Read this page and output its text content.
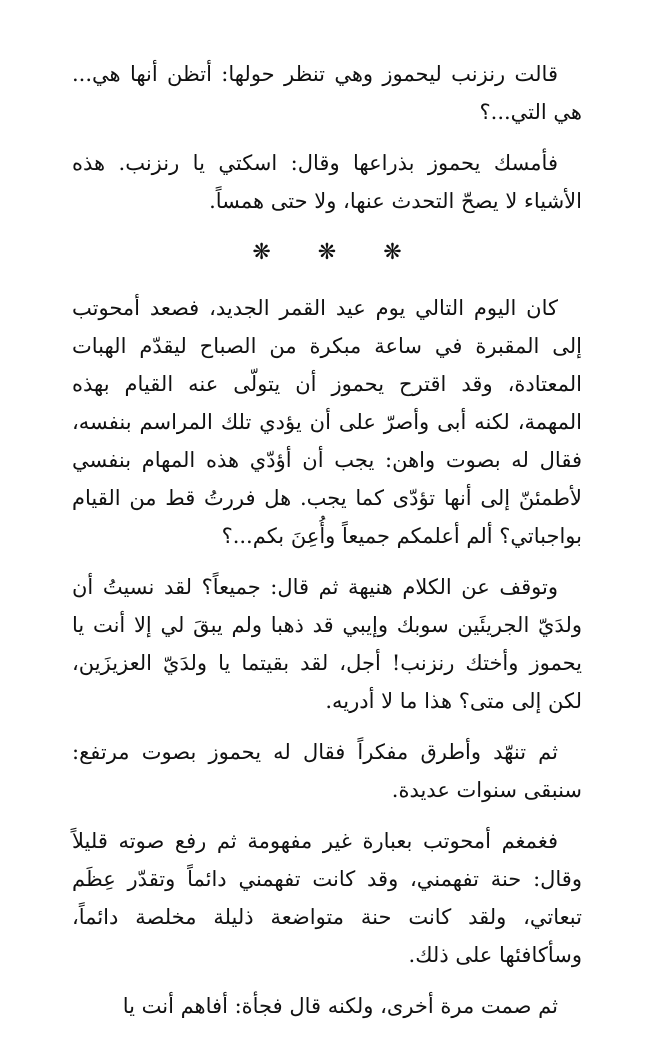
قالت رنزنب ليحموز وهي تنظر حولها: أتظن أنها هي... هي التي...؟

فأمسك يحموز بذراعها وقال: اسكتي يا رنزنب. هذه الأشياء لا يصحّ التحدث عنها، ولا حتى همساً.

❋ ❋ ❋

كان اليوم التالي يوم عيد القمر الجديد، فصعد أمحوتب إلى المقبرة في ساعة مبكرة من الصباح ليقدّم الهبات المعتادة، وقد اقترح يحموز أن يتولّى عنه القيام بهذه المهمة، لكنه أبى وأصرّ على أن يؤدي تلك المراسم بنفسه، فقال له بصوت واهن: يجب أن أؤدّي هذه المهام بنفسي لأطمئنّ إلى أنها تؤدّى كما يجب. هل فررتُ قط من القيام بواجباتي؟ ألم أعلمكم جميعاً وأُعِنَ بكم...؟

وتوقف عن الكلام هنيهة ثم قال: جميعاً؟ لقد نسيتُ أن ولدَيّ الجريئَين سوبك وإيبي قد ذهبا ولم يبقَ لي إلا أنت يا يحموز وأختك رنزنب! أجل، لقد بقيتما يا ولدَيّ العزيزَين، لكن إلى متى؟ هذا ما لا أدريه.

ثم تنهّد وأطرق مفكراً فقال له يحموز بصوت مرتفع: سنبقى سنوات عديدة.

فغمغم أمحوتب بعبارة غير مفهومة ثم رفع صوته قليلاً وقال: حنة تفهمني، وقد كانت تفهمني دائماً وتقدّر عِظَم تبعاتي، ولقد كانت حنة متواضعة ذليلة مخلصة دائماً، وسأكافئها على ذلك.

ثم صمت مرة أخرى، ولكنه قال فجأة: أفاهم أنت يا
